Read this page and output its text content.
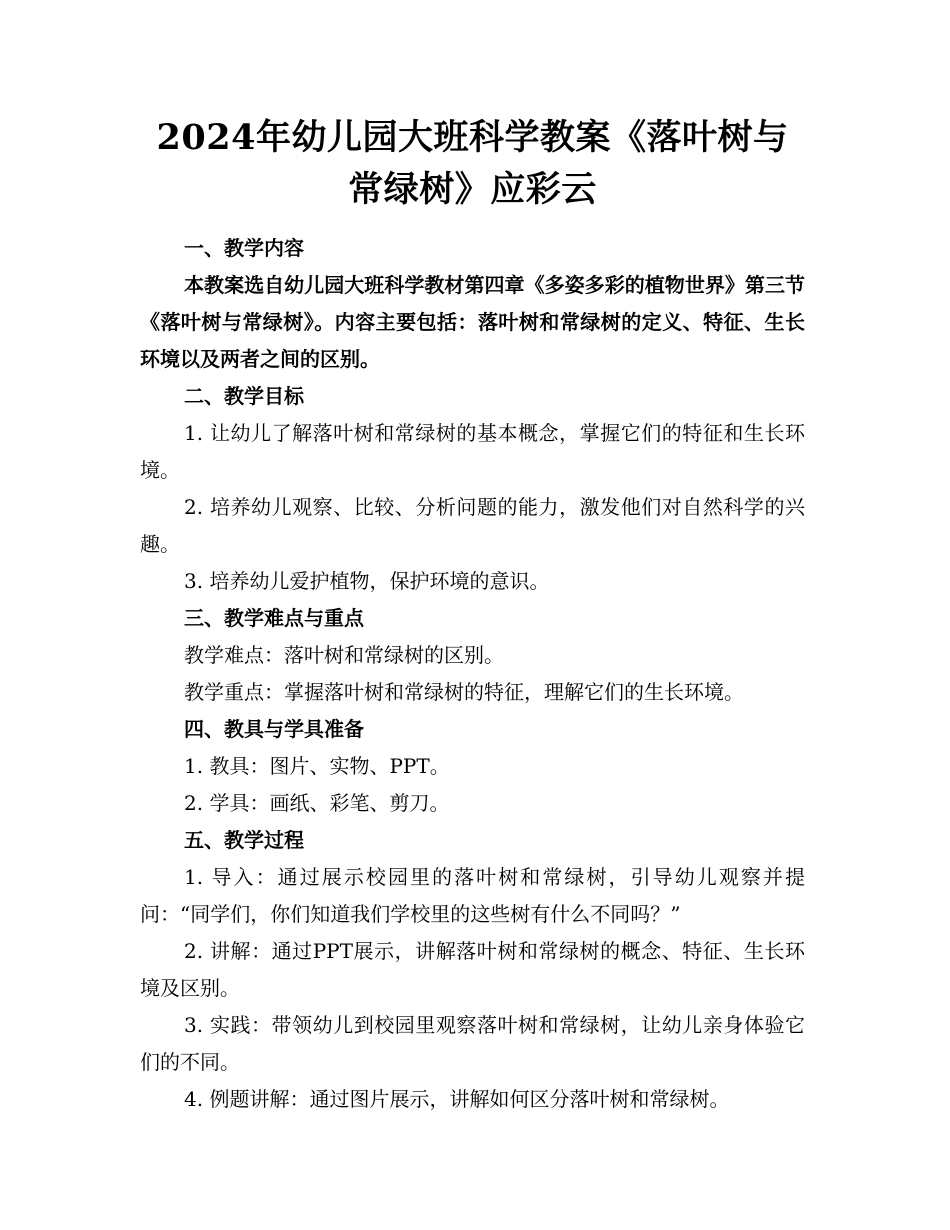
2024年幼儿园大班科学教案《落叶树与常绿树》应彩云

一、教学内容

本教案选自幼儿园大班科学教材第四章《多姿多彩的植物世界》第三节《落叶树与常绿树》。内容主要包括：落叶树和常绿树的定义、特征、生长环境以及两者之间的区别。

二、教学目标

1. 让幼儿了解落叶树和常绿树的基本概念，掌握它们的特征和生长环境。

2. 培养幼儿观察、比较、分析问题的能力，激发他们对自然科学的兴趣。

3. 培养幼儿爱护植物，保护环境的意识。

三、教学难点与重点

教学难点：落叶树和常绿树的区别。

教学重点：掌握落叶树和常绿树的特征，理解它们的生长环境。

四、教具与学具准备

1. 教具：图片、实物、PPT。

2. 学具：画纸、彩笔、剪刀。

五、教学过程

1. 导入：通过展示校园里的落叶树和常绿树，引导幼儿观察并提问：“同学们，你们知道我们学校里的这些树有什么不同吗？”

2. 讲解：通过PPT展示，讲解落叶树和常绿树的概念、特征、生长环境及区别。

3. 实践：带领幼儿到校园里观察落叶树和常绿树，让幼儿亲身体验它们的不同。

4. 例题讲解：通过图片展示，讲解如何区分落叶树和常绿树。
